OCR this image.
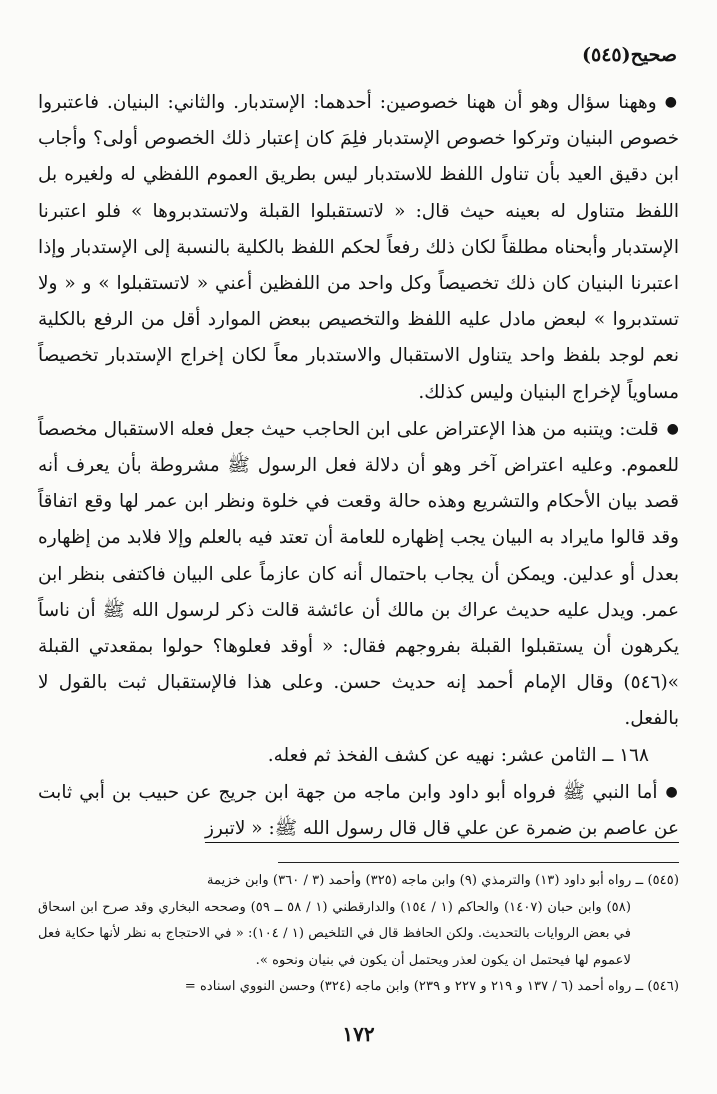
صحيح(٥٤٥)

● وههنا سؤال وهو أن ههنا خصوصين: أحدهما: الإستدبار. والثاني: البنيان. فاعتبروا خصوص البنيان وتركوا خصوص الإستدبار فلِمَ كان إعتبار ذلك الخصوص أولى؟ وأجاب ابن دقيق العيد بأن تناول اللفظ للاستدبار ليس بطريق العموم اللفظي له ولغيره بل اللفظ متناول له بعينه حيث قال: « لاتستقبلوا القبلة ولاتستدبروها » فلو اعتبرنا الإستدبار وأبحناه مطلقاً لكان ذلك رفعاً لحكم اللفظ بالكلية بالنسبة إلى الإستدبار وإذا اعتبرنا البنيان كان ذلك تخصيصاً وكل واحد من اللفظين أعني « لاتستقبلوا » و « ولا تستدبروا » لبعض مادل عليه اللفظ والتخصيص ببعض الموارد أقل من الرفع بالكلية نعم لوجد بلفظ واحد يتناول الاستقبال والاستدبار معاً لكان إخراج الإستدبار تخصيصاً مساوياً لإخراج البنيان وليس كذلك.

● قلت: ويتنبه من هذا الإعتراض على ابن الحاجب حيث جعل فعله الاستقبال مخصصاً للعموم. وعليه اعتراض آخر وهو أن دلالة فعل الرسول ﷺ مشروطة بأن يعرف أنه قصد بيان الأحكام والتشريع وهذه حالة وقعت في خلوة ونظر ابن عمر لها وقع اتفاقاً وقد قالوا مايراد به البيان يجب إظهاره للعامة أن تعتد فيه بالعلم وإلا فلابد من إظهاره بعدل أو عدلين. ويمكن أن يجاب باحتمال أنه كان عازماً على البيان فاكتفى بنظر ابن عمر. ويدل عليه حديث عراك بن مالك أن عائشة قالت ذكر لرسول الله ﷺ أن ناساً يكرهون أن يستقبلوا القبلة بفروجهم فقال: « أوقد فعلوها؟ حولوا بمقعدتي القبلة »(٥٤٦) وقال الإمام أحمد إنه حديث حسن. وعلى هذا فالإستقبال ثبت بالقول لا بالفعل.

١٦٨ ــ الثامن عشر: نهيه عن كشف الفخذ ثم فعله.

● أما النبي ﷺ فرواه أبو داود وابن ماجه من جهة ابن جريج عن حبيب بن أبي ثابت عن عاصم بن ضمرة عن علي قال قال رسول الله ﷺ: « لاتبرز

(٥٤٥) ــ رواه أبو داود (١٣) والترمذي (٩) وابن ماجه (٣٢٥) وأحمد (٣ / ٣٦٠) وابن خزيمة

(٥٨) وابن حبان (١٤٠٧) والحاكم (١ / ١٥٤) والدارقطني (١ / ٥٨ ــ ٥٩) وصححه البخاري وقد صرح ابن اسحاق في بعض الروايات بالتحديث. ولكن الحافظ قال في التلخيص (١ / ١٠٤): « في الاحتجاج به نظر لأنها حكاية فعل لاعموم لها فيحتمل ان يكون لعذر ويحتمل أن يكون في بنيان ونحوه ».

(٥٤٦) ــ رواه أحمد (٦ / ١٣٧ و ٢١٩ و ٢٢٧ و ٢٣٩) وابن ماجه (٣٢٤) وحسن النووي اسناده =

١٧٢
